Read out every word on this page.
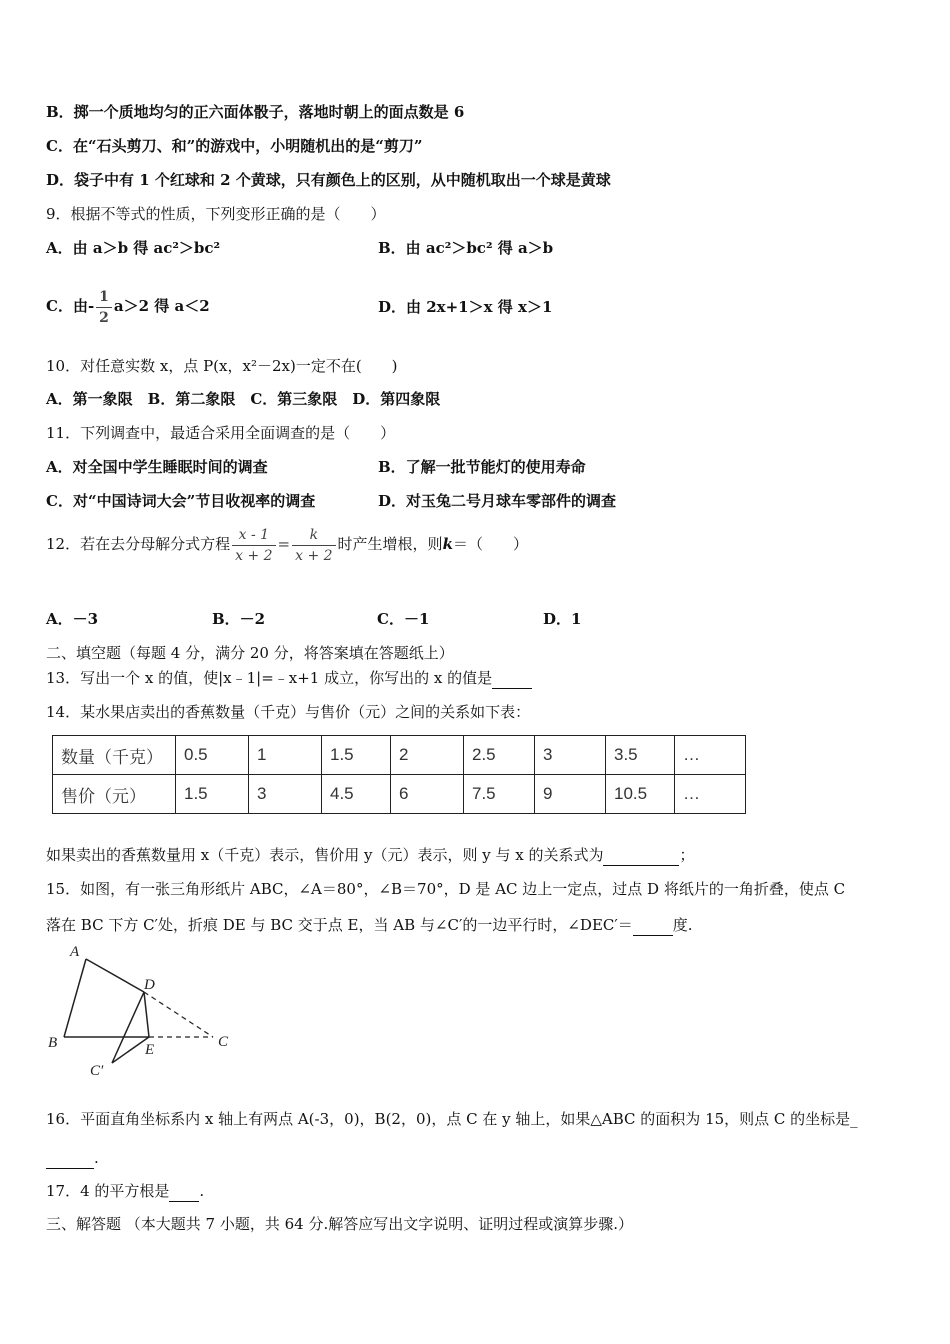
B．掷一个质地均匀的正六面体骰子，落地时朝上的面点数是 6
C．在“石头剪刀、和”的游戏中，小明随机出的是“剪刀”
D．袋子中有 1 个红球和 2 个黄球，只有颜色上的区别，从中随机取出一个球是黄球
9．根据不等式的性质，下列变形正确的是（　　）
A．由 a＞b 得 ac²＞bc²	B．由 ac²＞bc² 得 a＞b
C．由- $\frac{1}{2} a>2$ 得 a＜2	D．由 2x+1＞x 得 x＞1
10．对任意实数 x，点 P(x，x²－2x)一定不在(　　)
A．第一象限　B．第二象限　C．第三象限　D．第四象限
11．下列调查中，最适合采用全面调查的是（　　）
A．对全国中学生睡眠时间的调查	B．了解一批节能灯的使用寿命
C．对“中国诗词大会”节目收视率的调查	D．对玉兔二号月球车零部件的调查
12．若在去分母解分式方程 $\frac{x - 1}{x + 2} = \frac{k}{x + 2}$ 时产生增根，则k＝（　　）
A．－3	B．－2	C．－1	D．1
二、填空题（每题 4 分，满分 20 分，将答案填在答题纸上）
13．写出一个 x 的值，使|x﹣1|=﹣x+1 成立，你写出的 x 的值是
14．某水果店卖出的香蕉数量（千克）与售价（元）之间的关系如下表：
数量（千克）	0.5	1	1.5	2	2.5	3	3.5	…
售价（元）	1.5	3	4.5	6	7.5	9	10.5	…
如果卖出的香蕉数量用 x（千克）表示，售价用 y（元）表示，则 y 与 x 的关系式为	；
15．如图，有一张三角形纸片 ABC，∠A＝80°，∠B＝70°，D 是 AC 边上一定点，过点 D 将纸片的一角折叠，使点 C
落在 BC 下方 C′处，折痕 DE 与 BC 交于点 E，当 AB 与∠C′的一边平行时，∠DEC′＝	度.
A
B	C
D
E
C′
16．平面直角坐标系内 x 轴上有两点 A(-3，0)，B(2，0)，点 C 在 y 轴上，如果△ABC 的面积为 15，则点 C 的坐标是_
.
17．4 的平方根是 .
三、解答题 （本大题共 7 小题，共 64 分.解答应写出文字说明、证明过程或演算步骤.）
